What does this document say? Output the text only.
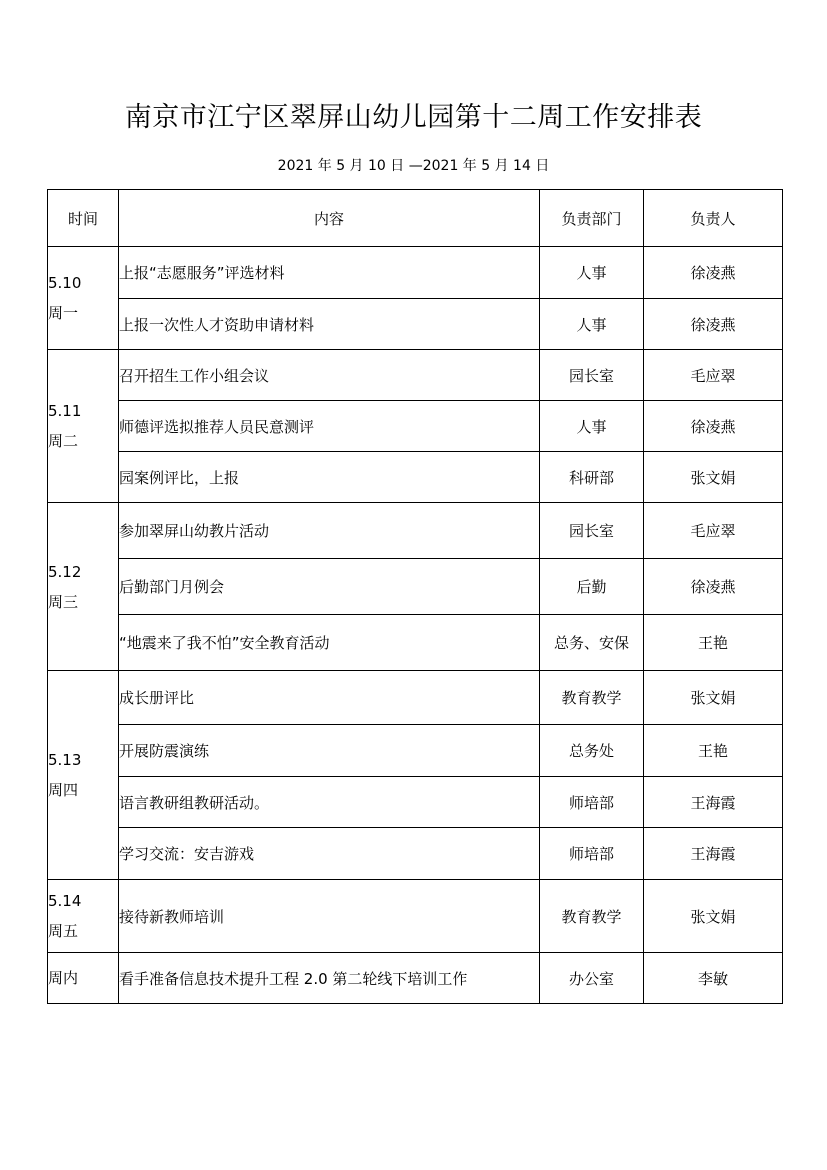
南京市江宁区翠屏山幼儿园第十二周工作安排表
2021 年 5 月 10 日 —2021 年 5 月 14 日
时间	内容	负责部门	负责人

5.10
周一	上报“志愿服务”评选材料	人事	徐凌燕
	上报一次性人才资助申请材料	人事	徐凌燕

5.11
周二	召开招生工作小组会议	园长室	毛应翠
	师德评选拟推荐人员民意测评	人事	徐凌燕
	园案例评比，上报	科研部	张文娟

5.12
周三	参加翠屏山幼教片活动	园长室	毛应翠
	后勤部门月例会	后勤	徐凌燕
	“地震来了我不怕”安全教育活动	总务、安保	王艳

5.13
周四	成长册评比	教育教学	张文娟
	开展防震演练	总务处	王艳
	语言教研组教研活动。	师培部	王海霞
	学习交流：安吉游戏	师培部	王海霞

5.14
周五	接待新教师培训	教育教学	张文娟

周内	看手准备信息技术提升工程 2.0 第二轮线下培训工作	办公室	李敏
